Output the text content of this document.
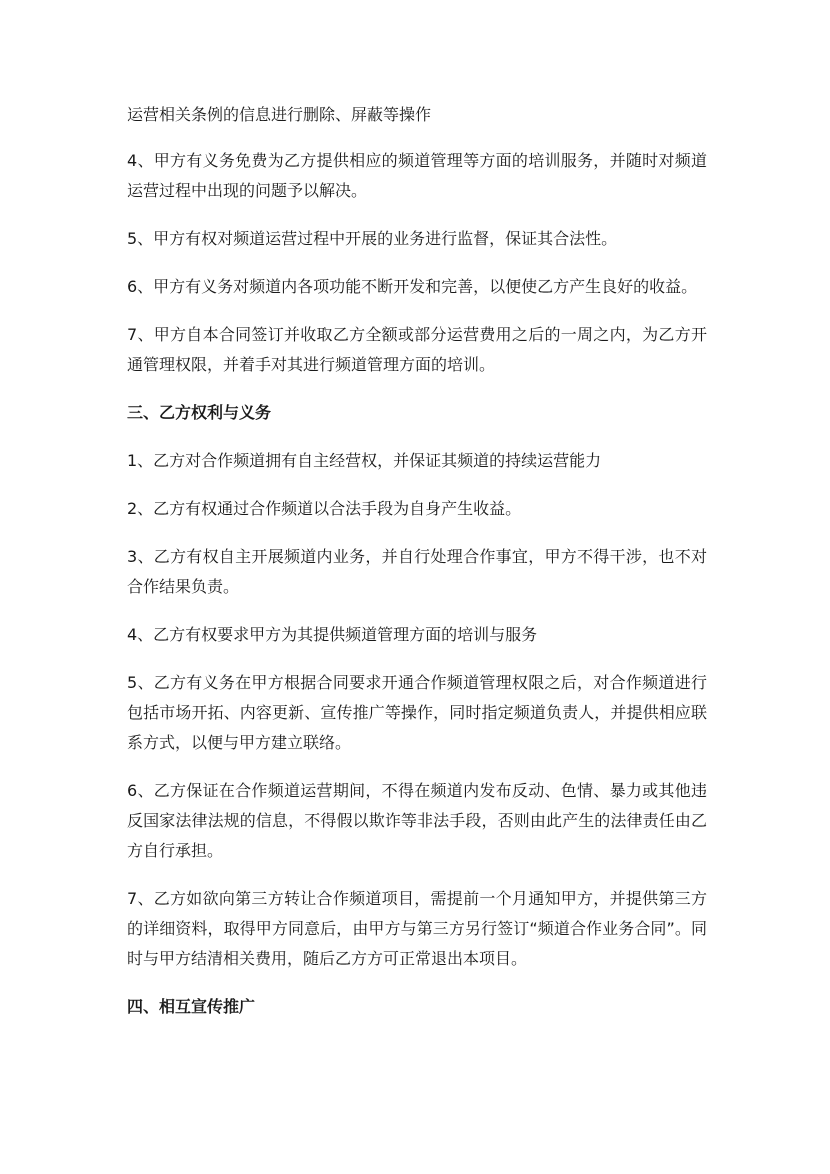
运营相关条例的信息进行删除、屏蔽等操作

4、甲方有义务免费为乙方提供相应的频道管理等方面的培训服务，并随时对频道运营过程中出现的问题予以解决。

5、甲方有权对频道运营过程中开展的业务进行监督，保证其合法性。

6、甲方有义务对频道内各项功能不断开发和完善，以便使乙方产生良好的收益。

7、甲方自本合同签订并收取乙方全额或部分运营费用之后的一周之内，为乙方开通管理权限，并着手对其进行频道管理方面的培训。

三、乙方权利与义务

1、乙方对合作频道拥有自主经营权，并保证其频道的持续运营能力

2、乙方有权通过合作频道以合法手段为自身产生收益。

3、乙方有权自主开展频道内业务，并自行处理合作事宜，甲方不得干涉，也不对合作结果负责。

4、乙方有权要求甲方为其提供频道管理方面的培训与服务

5、乙方有义务在甲方根据合同要求开通合作频道管理权限之后，对合作频道进行包括市场开拓、内容更新、宣传推广等操作，同时指定频道负责人，并提供相应联系方式，以便与甲方建立联络。

6、乙方保证在合作频道运营期间，不得在频道内发布反动、色情、暴力或其他违反国家法律法规的信息，不得假以欺诈等非法手段，否则由此产生的法律责任由乙方自行承担。

7、乙方如欲向第三方转让合作频道项目，需提前一个月通知甲方，并提供第三方的详细资料，取得甲方同意后，由甲方与第三方另行签订“频道合作业务合同”。同时与甲方结清相关费用，随后乙方方可正常退出本项目。

四、相互宣传推广
